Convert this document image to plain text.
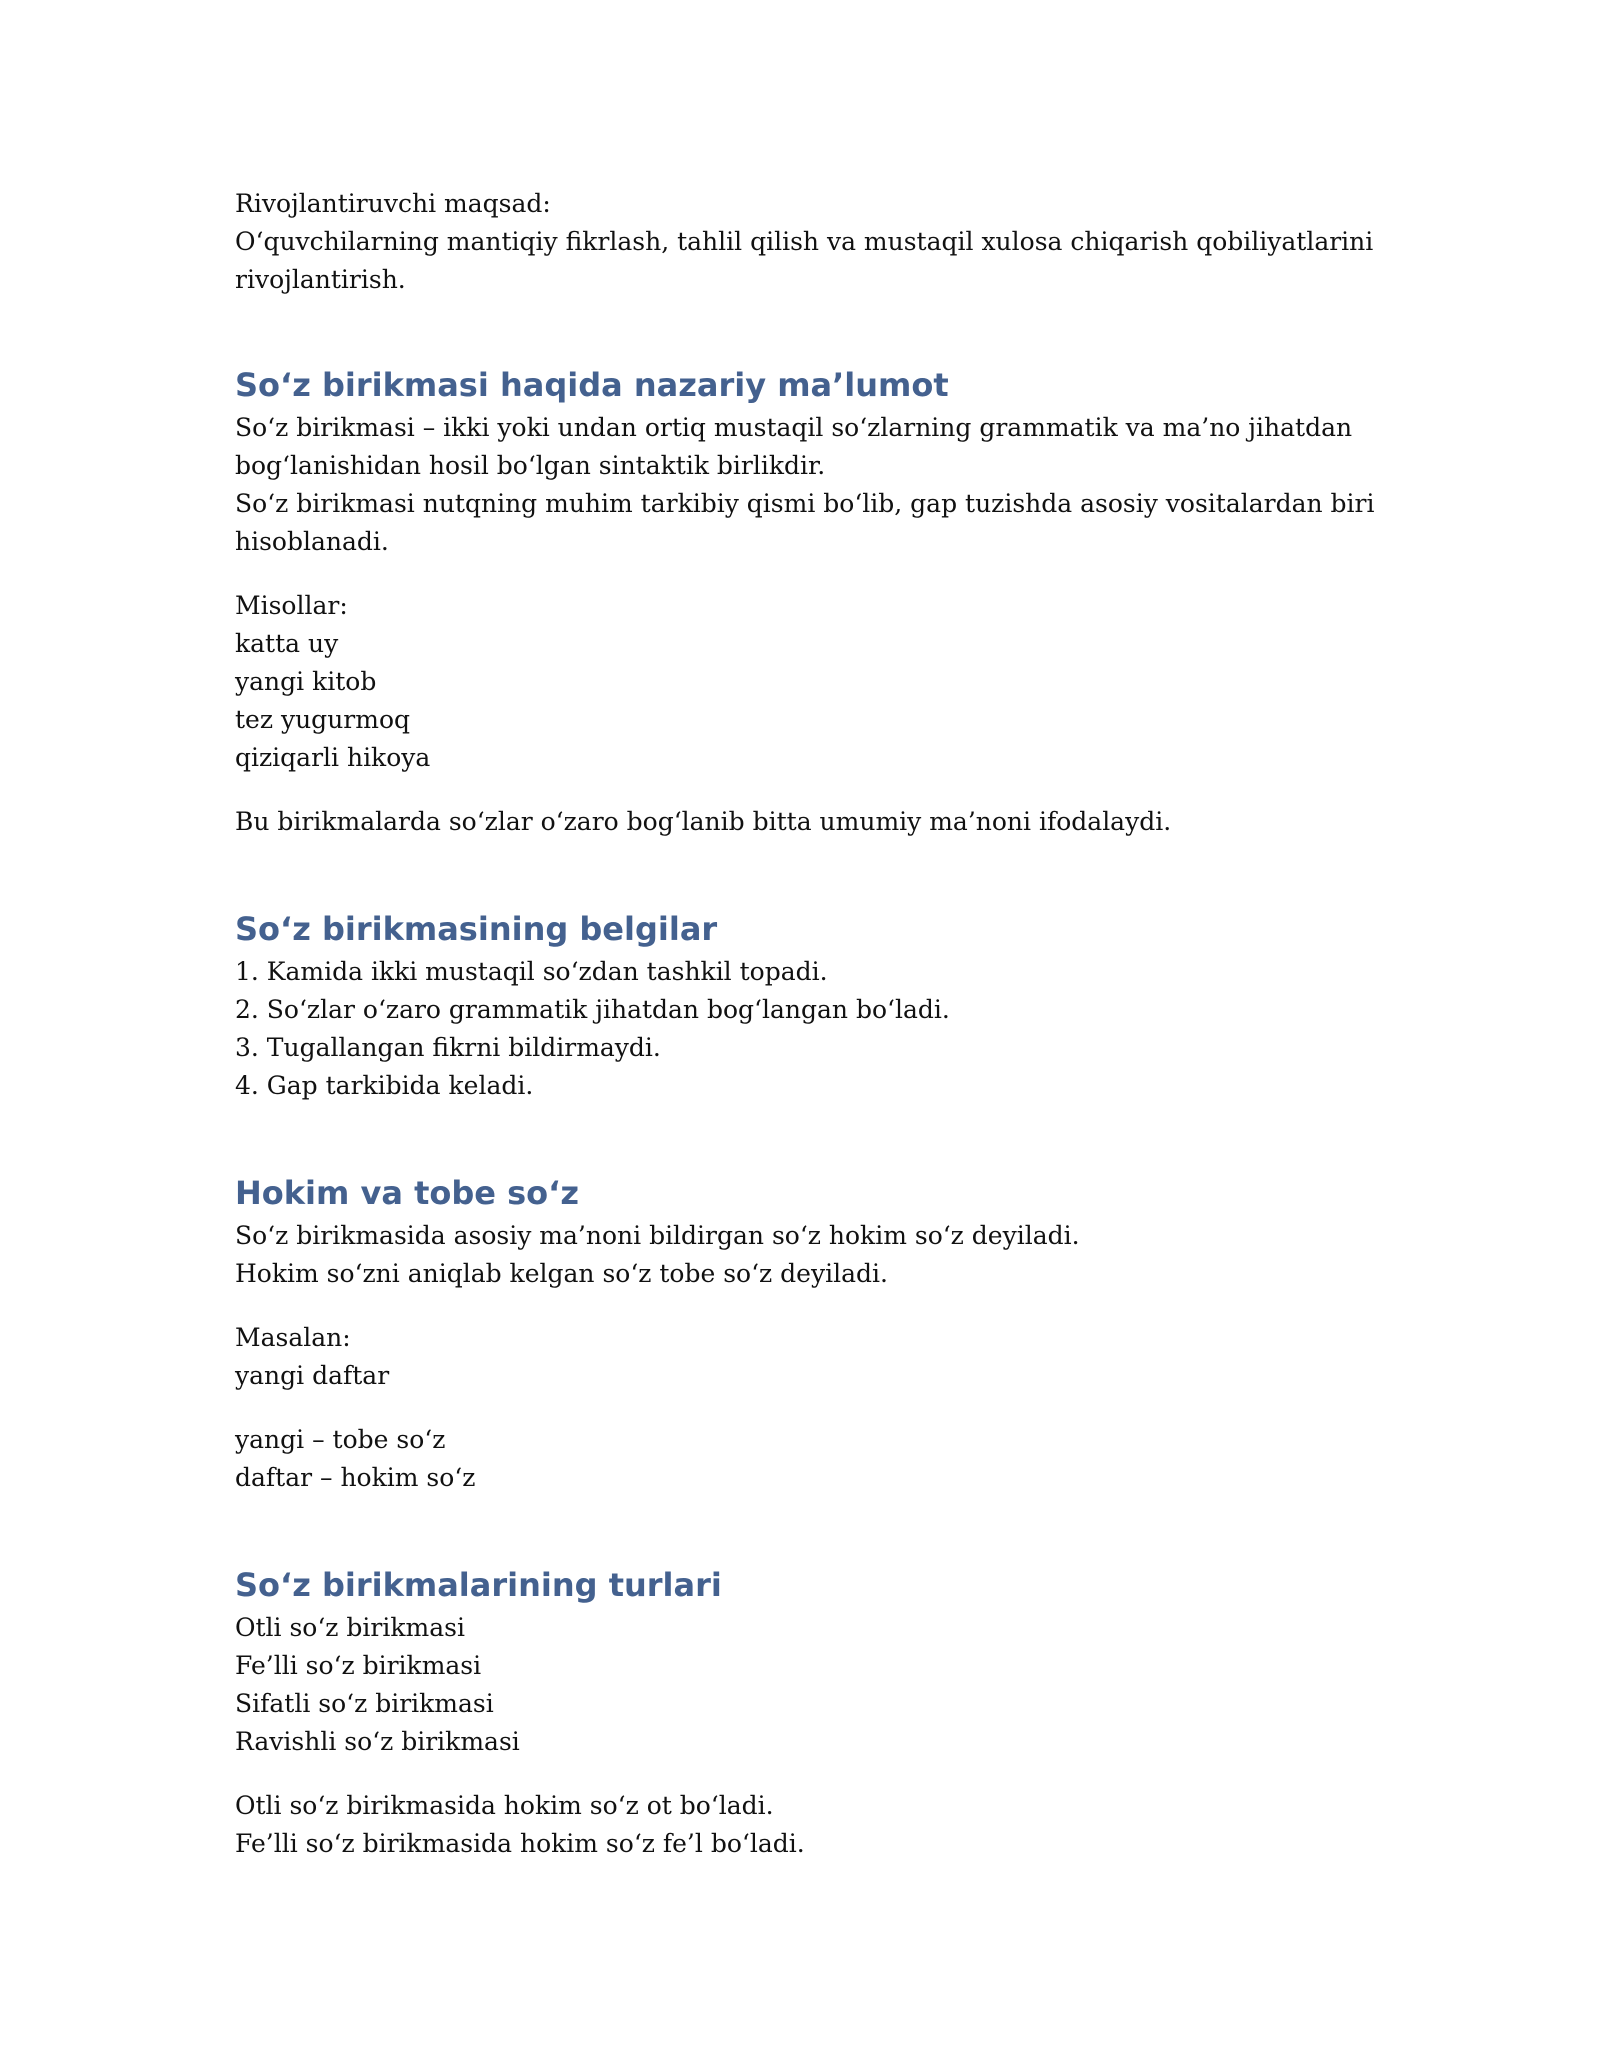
Rivojlantiruvchi maqsad:
O‘quvchilarning mantiqiy fikrlash, tahlil qilish va mustaqil xulosa chiqarish qobiliyatlarini
rivojlantirish.
So‘z birikmasi haqida nazariy ma’lumot
So‘z birikmasi – ikki yoki undan ortiq mustaqil so‘zlarning grammatik va ma’no jihatdan
bog‘lanishidan hosil bo‘lgan sintaktik birlikdir.
So‘z birikmasi nutqning muhim tarkibiy qismi bo‘lib, gap tuzishda asosiy vositalardan biri
hisoblanadi.
Misollar:
katta uy
yangi kitob
tez yugurmoq
qiziqarli hikoya
Bu birikmalarda so‘zlar o‘zaro bog‘lanib bitta umumiy ma’noni ifodalaydi.
So‘z birikmasining belgilar
1. Kamida ikki mustaqil so‘zdan tashkil topadi.
2. So‘zlar o‘zaro grammatik jihatdan bog‘langan bo‘ladi.
3. Tugallangan fikrni bildirmaydi.
4. Gap tarkibida keladi.
Hokim va tobe so‘z
So‘z birikmasida asosiy ma’noni bildirgan so‘z hokim so‘z deyiladi.
Hokim so‘zni aniqlab kelgan so‘z tobe so‘z deyiladi.
Masalan:
yangi daftar
yangi – tobe so‘z
daftar – hokim so‘z
So‘z birikmalarining turlari
Otli so‘z birikmasi
Fe’lli so‘z birikmasi
Sifatli so‘z birikmasi
Ravishli so‘z birikmasi
Otli so‘z birikmasida hokim so‘z ot bo‘ladi.
Fe’lli so‘z birikmasida hokim so‘z fe’l bo‘ladi.
